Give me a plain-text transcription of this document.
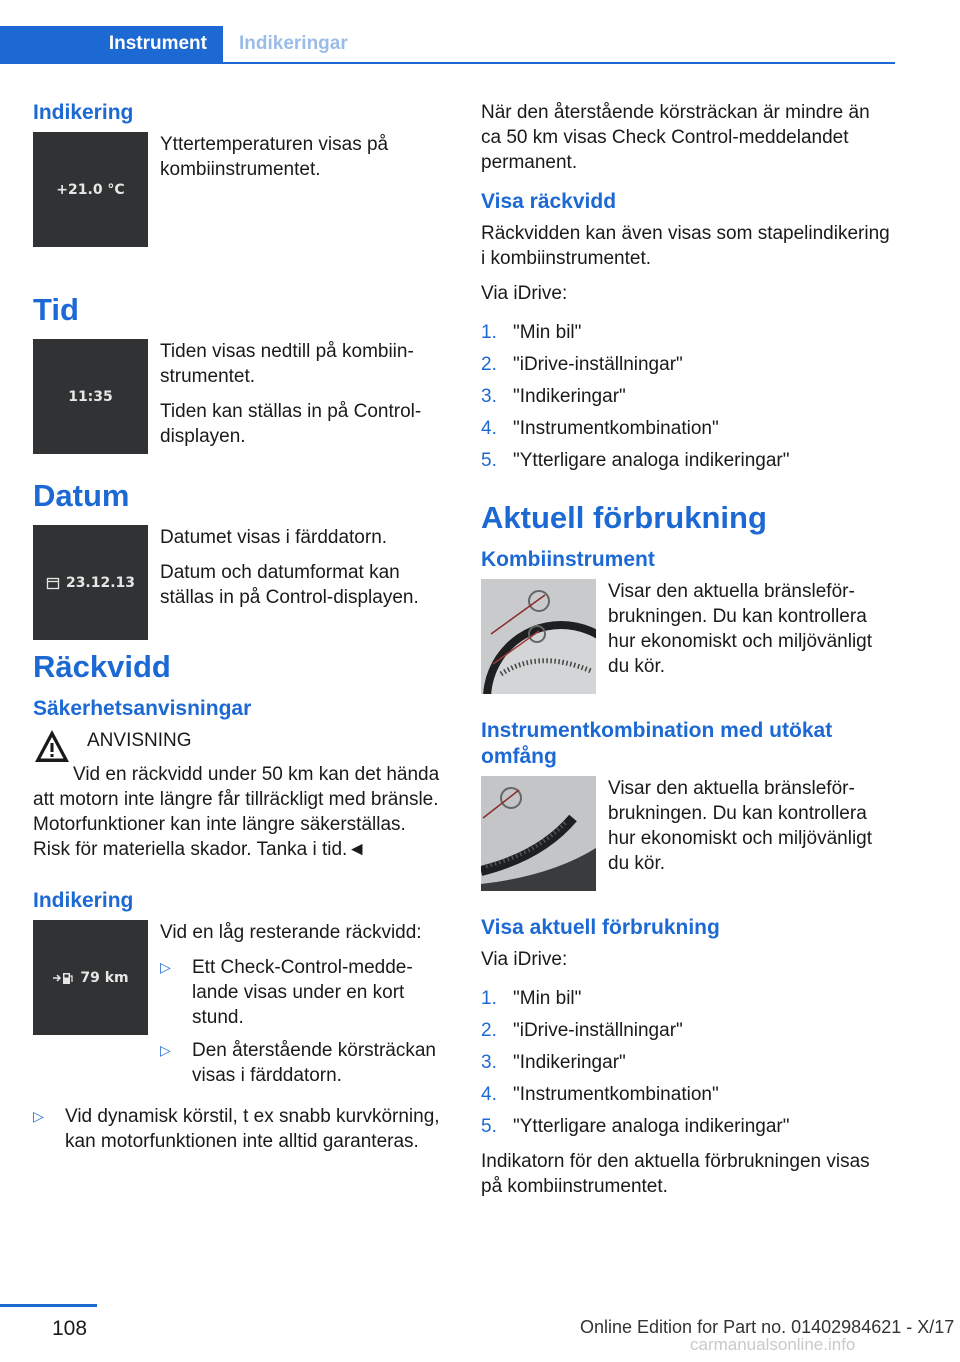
Instrument	Indikeringar
Indikering
+21.0 °C

Yttertemperaturen visas på kombiinstrumentet.

Tid
11:35

Tiden visas nedtill på kombiinstrumentet.

Tiden kan ställas in på Control-displayen.

Datum
23.12.13

Datumet visas i färddatorn.

Datum och datumformat kan ställas in på Control-displayen.

Räckvidd
Säkerhetsanvisningar

ANVISNING

Vid en räckvidd under 50 km kan det hända att motorn inte längre får tillräckligt med bränsle. Motorfunktioner kan inte längre säkerställas. Risk för materiella skador. Tanka i tid.◄

Indikering
79 km

Vid en låg resterande räckvidd:

▷	Ett Check-Control-meddelande visas under en kort stund.
▷	Den återstående körsträckan visas i färddatorn.
▷	Vid dynamisk körstil, t ex snabb kurvkörning, kan motorfunktionen inte alltid garanteras.

När den återstående körsträckan är mindre än ca 50 km visas Check Control-meddelandet permanent.

Visa räckvidd

Räckvidden kan även visas som stapelindikering i kombiinstrumentet.

Via iDrive:

1. "Min bil"
2. "iDrive-inställningar"
3. "Indikeringar"
4. "Instrumentkombination"
5. "Ytterligare analoga indikeringar"
Aktuell förbrukning
Kombiinstrument

Visar den aktuella bränsleförbrukningen. Du kan kontrollera hur ekonomiskt och miljövänligt du kör.

Instrumentkombination med utökat omfång

Visar den aktuella bränsleförbrukningen. Du kan kontrollera hur ekonomiskt och miljövänligt du kör.

Visa aktuell förbrukning

Via iDrive:

1. "Min bil"
2. "iDrive-inställningar"
3. "Indikeringar"
4. "Instrumentkombination"
5. "Ytterligare analoga indikeringar"

Indikatorn för den aktuella förbrukningen visas på kombiinstrumentet.

108	Online Edition for Part no. 01402984621 - X/17
carmanualsonline.info
